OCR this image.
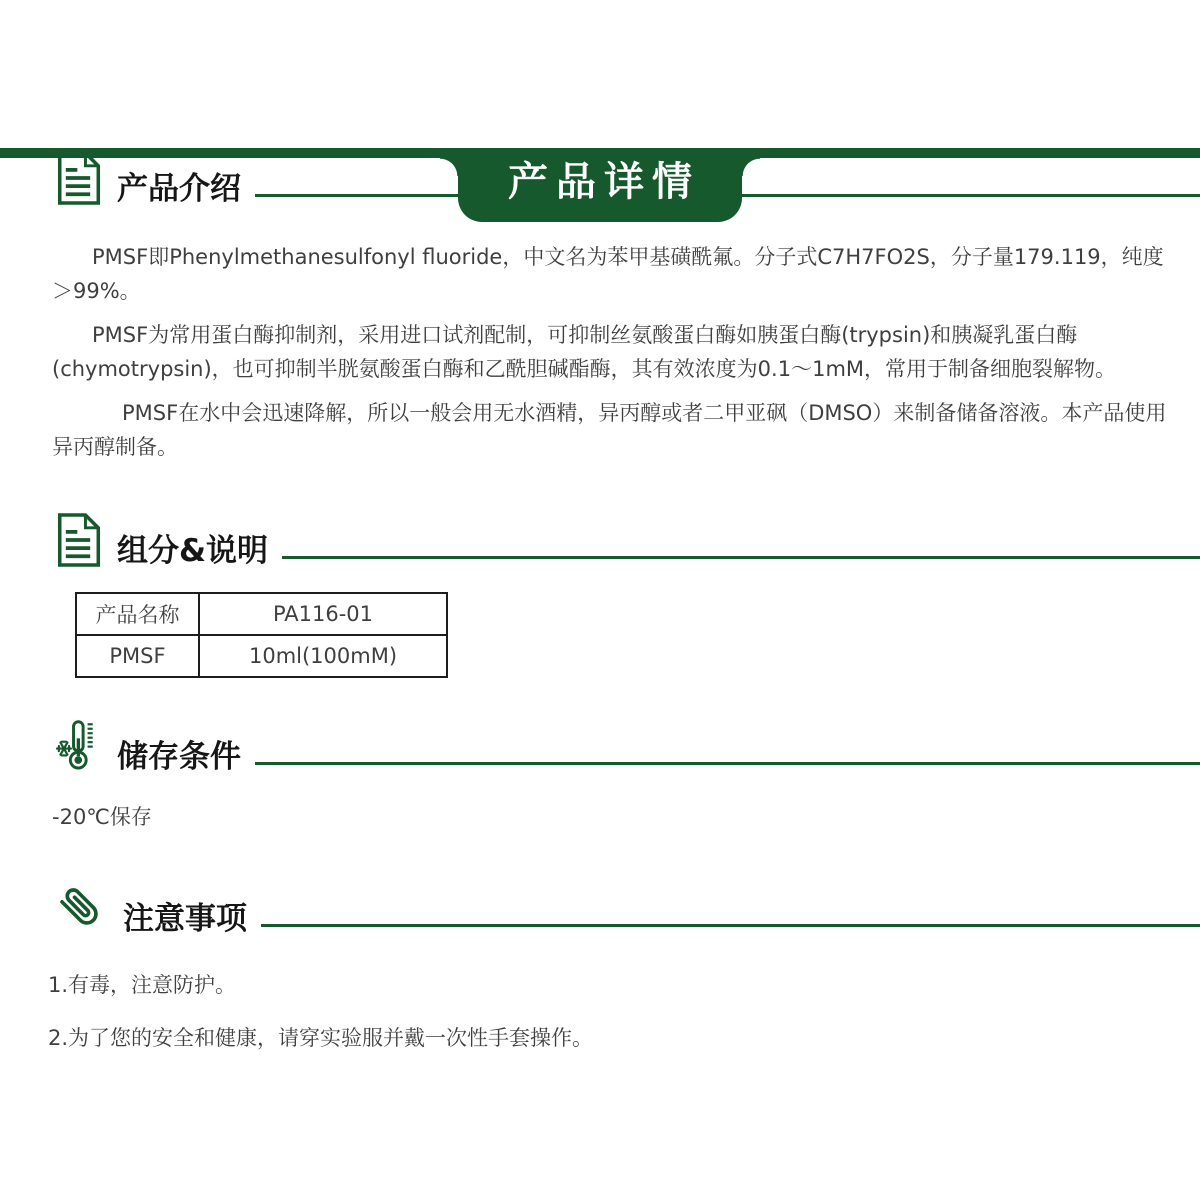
产品详情
产品介绍

PMSF即Phenylmethanesulfonyl fluoride，中文名为苯甲基磺酰氟。分子式C7H7FO2S，分子量179.119，纯度＞99%。

PMSF为常用蛋白酶抑制剂，采用进口试剂配制，可抑制丝氨酸蛋白酶如胰蛋白酶(trypsin)和胰凝乳蛋白酶(chymotrypsin)，也可抑制半胱氨酸蛋白酶和乙酰胆碱酯酶，其有效浓度为0.1～1mM，常用于制备细胞裂解物。

PMSF在水中会迅速降解，所以一般会用无水酒精，异丙醇或者二甲亚砜（DMSO）来制备储备溶液。本产品使用异丙醇制备。

组分&说明
产品名称	PA116-01
PMSF	10ml(100mM)
储存条件
-20℃保存
注意事项
1.有毒，注意防护。
2.为了您的安全和健康，请穿实验服并戴一次性手套操作。
